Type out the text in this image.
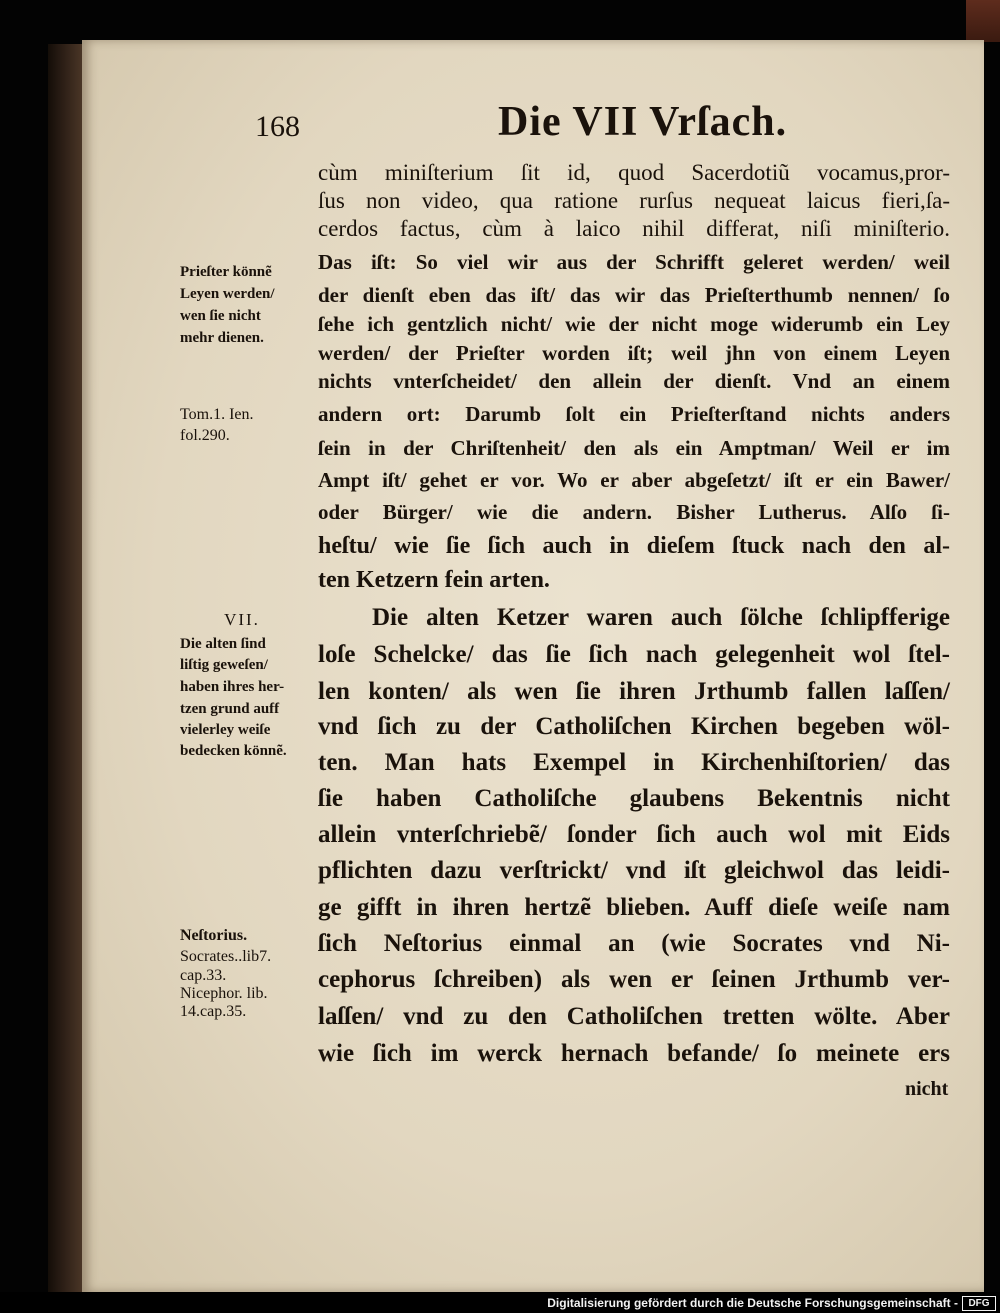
168	Die VII Vrſach.
cùm miniſterium ſit id, quod Sacerdotiũ vocamus,pror-
ſus non video, qua ratione rurſus nequeat laicus fieri,ſa-
cerdos factus, cùm à laico nihil differat, niſi miniſterio.
Das iſt: So viel wir aus der Schrifft geleret werden/ weil
der dienſt eben das iſt/ das wir das Prieſterthumb nennen/ ſo
ſehe ich gentzlich nicht/ wie der nicht moge widerumb ein Ley
werden/ der Prieſter worden iſt; weil jhn von einem Leyen
nichts vnterſcheidet/ den allein der dienſt. Vnd an einem
andern ort: Darumb ſolt ein Prieſterſtand nichts anders
ſein in der Chriſtenheit/ den als ein Amptman/ Weil er im
Ampt iſt/ gehet er vor. Wo er aber abgeſetzt/ iſt er ein Bawer/
oder Bürger/ wie die andern. Bisher Lutherus. Alſo ſi-
heſtu/ wie ſie ſich auch in dieſem ſtuck nach den al-
ten Ketzern fein arten.
Die alten Ketzer waren auch ſölche ſchlipfferige
loſe Schelcke/ das ſie ſich nach gelegenheit wol ſtel-
len konten/ als wen ſie ihren Jrthumb fallen laſſen/
vnd ſich zu der Catholiſchen Kirchen begeben wöl-
ten. Man hats Exempel in Kirchenhiſtorien/ das
ſie haben Catholiſche glaubens Bekentnis nicht
allein vnterſchriebẽ/ ſonder ſich auch wol mit Eids
pflichten dazu verſtrickt/ vnd iſt gleichwol das leidi-
ge gifft in ihren hertzẽ blieben. Auff dieſe weiſe nam
ſich Neſtorius einmal an (wie Socrates vnd Ni-
cephorus ſchreiben) als wen er ſeinen Jrthumb ver-
laſſen/ vnd zu den Catholiſchen tretten wölte. Aber
wie ſich im werck hernach befande/ ſo meinete ers
nicht
Prieſter könnẽ
Leyen werden/
wen ſie nicht
mehr dienen.
Tom.1. Ien.
fol.290.
VII.
Die alten ſind
liſtig geweſen/
haben ihres her-
tzen grund auff
vielerley weiſe
bedecken könnẽ.
Neſtorius.
Socrates..lib7.
cap.33.
Nicephor. lib.
14.cap.35.
Digitalisierung gefördert durch die Deutsche Forschungsgemeinschaft -	DFG
